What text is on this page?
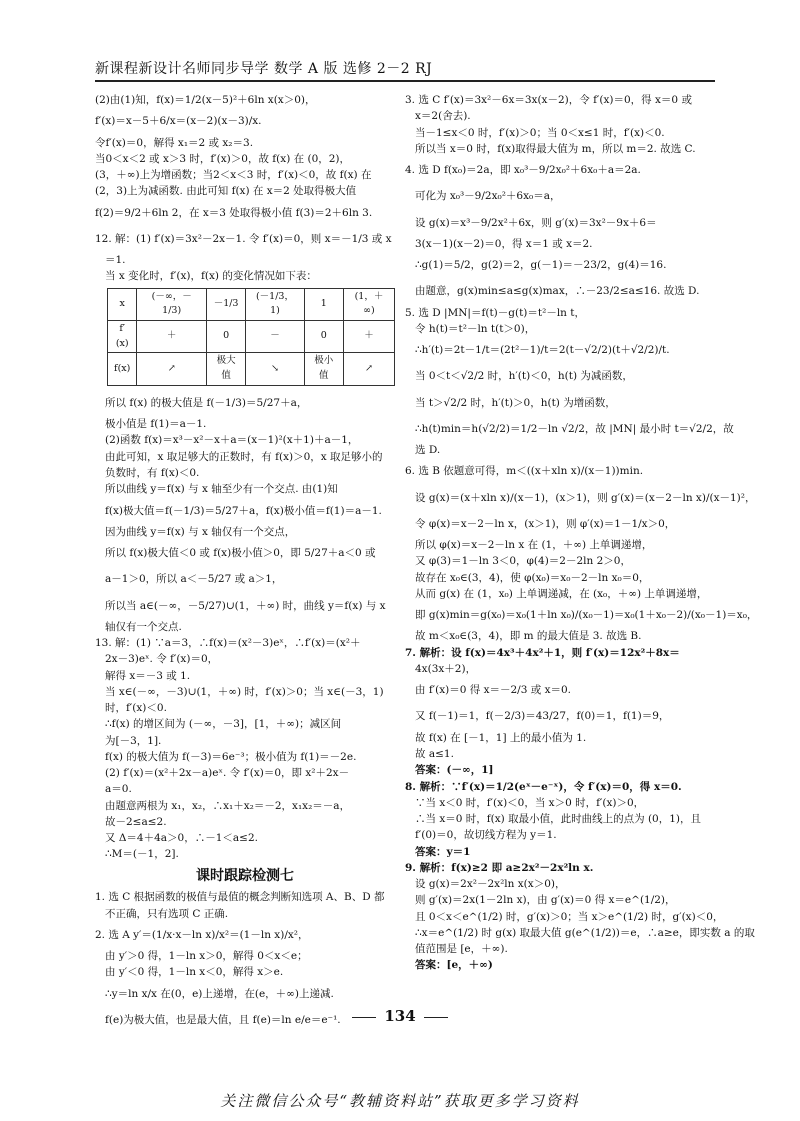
新课程新设计名师同步导学 数学 A 版 选修 2－2 RJ
(2)由(1)知，f(x)＝1/2(x－5)²＋6ln x(x＞0)，
f′(x)＝x－5＋6/x＝(x－2)(x－3)/x.
令f′(x)＝0，解得 x₁＝2 或 x₂＝3.
当0＜x＜2 或 x＞3 时，f′(x)＞0，故 f(x) 在 (0，2)，
(3，＋∞)上为增函数；当2＜x＜3 时，f′(x)＜0，故 f(x) 在
(2，3)上为减函数. 由此可知 f(x) 在 x＝2 处取得极大值
f(2)＝9/2＋6ln 2，在 x＝3 处取得极小值 f(3)＝2＋6ln 3.
12. 解：(1) f′(x)＝3x²－2x－1. 令 f′(x)＝0，则 x＝－1/3 或 x
＝1.
当 x 变化时，f′(x)，f(x) 的变化情况如下表：
x	(－∞，－1/3)	－1/3	(－1/3，1)	1	(1，＋∞)
f′(x)	＋	0	－	0	＋
f(x)	↗	极大值	↘	极小值	↗
所以 f(x) 的极大值是 f(－1/3)＝5/27＋a，
极小值是 f(1)＝a－1.
(2)函数 f(x)＝x³－x²－x＋a＝(x－1)²(x＋1)＋a－1，
由此可知，x 取足够大的正数时，有 f(x)＞0，x 取足够小的
负数时，有 f(x)＜0.
所以曲线 y＝f(x) 与 x 轴至少有一个交点. 由(1)知
f(x)极大值＝f(－1/3)＝5/27＋a，f(x)极小值＝f(1)＝a－1.
因为曲线 y＝f(x) 与 x 轴仅有一个交点，
所以 f(x)极大值＜0 或 f(x)极小值＞0，即 5/27＋a＜0 或
a－1＞0，所以 a＜－5/27 或 a＞1，
所以当 a∈(－∞，－5/27)∪(1，＋∞) 时，曲线 y＝f(x) 与 x
轴仅有一个交点.
13. 解：(1) ∵a＝3，∴f(x)＝(x²－3)eˣ，∴f′(x)＝(x²＋
2x－3)eˣ. 令 f′(x)＝0，
解得 x＝－3 或 1.
当 x∈(－∞，－3)∪(1，＋∞) 时，f′(x)＞0；当 x∈(－3，1)
时，f′(x)＜0.
∴f(x) 的增区间为 (－∞，－3]，[1，＋∞)；减区间
为[－3，1].
f(x) 的极大值为 f(－3)＝6e⁻³；极小值为 f(1)＝－2e.
(2) f′(x)＝(x²＋2x－a)eˣ. 令 f′(x)＝0，即 x²＋2x－
a＝0.
由题意两根为 x₁，x₂，∴x₁＋x₂＝－2，x₁x₂＝－a，
故－2≤a≤2.
又 Δ＝4＋4a＞0，∴－1＜a≤2.
∴M＝(－1，2].
课时跟踪检测七
1. 选 C 根据函数的极值与最值的概念判断知选项 A、B、D 都
不正确，只有选项 C 正确.
2. 选 A y′＝(1/x·x－ln x)/x²＝(1－ln x)/x²，
由 y′＞0 得，1－ln x＞0，解得 0＜x＜e；
由 y′＜0 得，1－ln x＜0，解得 x＞e.
∴y＝ln x/x 在(0，e)上递增，在(e，＋∞)上递减.
f(e)为极大值，也是最大值，且 f(e)＝ln e/e＝e⁻¹.
3. 选 C f′(x)＝3x²－6x＝3x(x－2)，令 f′(x)＝0，得 x＝0 或
x＝2(舍去).
当－1≤x＜0 时，f′(x)＞0；当 0＜x≤1 时，f′(x)＜0.
所以当 x＝0 时，f(x)取得最大值为 m，所以 m＝2. 故选 C.
4. 选 D f(x₀)＝2a，即 x₀³－9/2x₀²＋6x₀＋a＝2a.
可化为 x₀³－9/2x₀²＋6x₀＝a，
设 g(x)＝x³－9/2x²＋6x，则 g′(x)＝3x²－9x＋6＝
3(x－1)(x－2)＝0，得 x＝1 或 x＝2.
∴g(1)＝5/2，g(2)＝2，g(－1)＝－23/2，g(4)＝16.
由题意，g(x)min≤a≤g(x)max，∴－23/2≤a≤16. 故选 D.
5. 选 D |MN|＝f(t)－g(t)＝t²－ln t，
令 h(t)＝t²－ln t(t＞0)，
∴h′(t)＝2t－1/t＝(2t²－1)/t＝2(t－√2/2)(t＋√2/2)/t.
当 0＜t＜√2/2 时，h′(t)＜0，h(t) 为减函数，
当 t＞√2/2 时，h′(t)＞0，h(t) 为增函数，
∴h(t)min＝h(√2/2)＝1/2－ln √2/2，故 |MN| 最小时 t＝√2/2，故
选 D.
6. 选 B 依题意可得，m＜((x＋xln x)/(x－1))min.
设 g(x)＝(x＋xln x)/(x－1)，(x＞1)，则 g′(x)＝(x－2－ln x)/(x－1)²，
令 φ(x)＝x－2－ln x，(x＞1)，则 φ′(x)＝1－1/x＞0，
所以 φ(x)＝x－2－ln x 在 (1，＋∞) 上单调递增，
又 φ(3)＝1－ln 3＜0，φ(4)＝2－2ln 2＞0，
故存在 x₀∈(3，4)，使 φ(x₀)＝x₀－2－ln x₀＝0，
从而 g(x) 在 (1，x₀) 上单调递减，在 (x₀，＋∞) 上单调递增，
即 g(x)min＝g(x₀)＝x₀(1＋ln x₀)/(x₀－1)＝x₀(1＋x₀－2)/(x₀－1)＝x₀，
故 m＜x₀∈(3，4)，即 m 的最大值是 3. 故选 B.
7. 解析：设 f(x)＝4x³＋4x²＋1，则 f′(x)＝12x²＋8x＝
4x(3x＋2)，
由 f′(x)＝0 得 x＝－2/3 或 x＝0.
又 f(－1)＝1，f(－2/3)＝43/27，f(0)＝1，f(1)＝9，
故 f(x) 在 [－1，1] 上的最小值为 1.
故 a≤1.
答案：(－∞，1]
8. 解析：∵f′(x)＝1/2(eˣ－e⁻ˣ)，令 f′(x)＝0，得 x＝0.
∵当 x＜0 时，f′(x)＜0，当 x＞0 时，f′(x)＞0，
∴当 x＝0 时，f(x) 取最小值，此时曲线上的点为 (0，1)，且
f′(0)＝0，故切线方程为 y＝1.
答案：y＝1
9. 解析：f(x)≥2 即 a≥2x²－2x²ln x.
设 g(x)＝2x²－2x²ln x(x＞0)，
则 g′(x)＝2x(1－2ln x)，由 g′(x)＝0 得 x＝e^(1/2)，
且 0＜x＜e^(1/2) 时，g′(x)＞0；当 x＞e^(1/2) 时，g′(x)＜0，
∴x＝e^(1/2) 时 g(x) 取最大值 g(e^(1/2))＝e，∴a≥e，即实数 a 的取
值范围是 [e，＋∞).
答案：[e，＋∞)
134
关注微信公众号“教辅资料站”获取更多学习资料
